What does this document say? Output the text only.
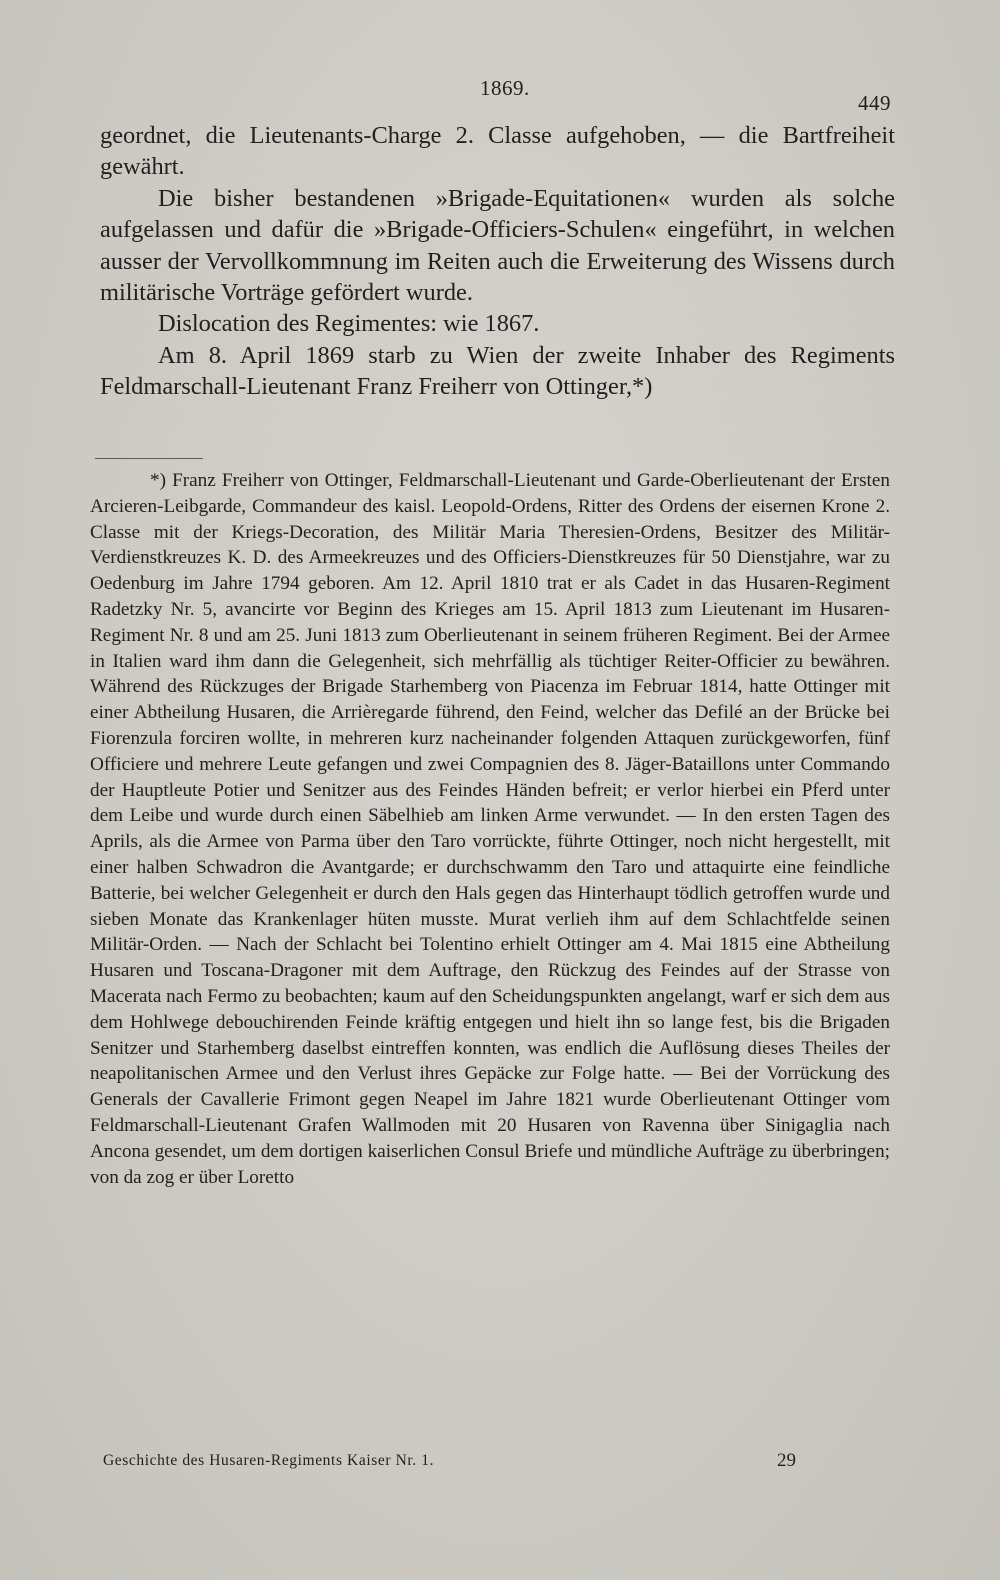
1869.
449

geordnet, die Lieutenants-Charge 2. Classe aufgehoben, — die Bartfreiheit gewährt.

Die bisher bestandenen »Brigade-Equitationen« wurden als solche aufgelassen und dafür die »Brigade-Officiers-Schulen« eingeführt, in welchen ausser der Vervollkommnung im Reiten auch die Erweiterung des Wissens durch militärische Vorträge gefördert wurde.

Dislocation des Regimentes: wie 1867.

Am 8. April 1869 starb zu Wien der zweite Inhaber des Regiments Feldmarschall-Lieutenant Franz Freiherr von Ottinger,*)

*) Franz Freiherr von Ottinger, Feldmarschall-Lieutenant und Garde-Oberlieutenant der Ersten Arcieren-Leibgarde, Commandeur des kaisl. Leopold-Ordens, Ritter des Ordens der eisernen Krone 2. Classe mit der Kriegs-Decoration, des Militär Maria Theresien-Ordens, Besitzer des Militär-Verdienstkreuzes K. D. des Armeekreuzes und des Officiers-Dienstkreuzes für 50 Dienstjahre, war zu Oedenburg im Jahre 1794 geboren. Am 12. April 1810 trat er als Cadet in das Husaren-Regiment Radetzky Nr. 5, avancirte vor Beginn des Krieges am 15. April 1813 zum Lieutenant im Husaren-Regiment Nr. 8 und am 25. Juni 1813 zum Oberlieutenant in seinem früheren Regiment. Bei der Armee in Italien ward ihm dann die Gelegenheit, sich mehrfällig als tüchtiger Reiter-Officier zu bewähren. Während des Rückzuges der Brigade Starhemberg von Piacenza im Februar 1814, hatte Ottinger mit einer Abtheilung Husaren, die Arrièregarde führend, den Feind, welcher das Defilé an der Brücke bei Fiorenzula forciren wollte, in mehreren kurz nacheinander folgenden Attaquen zurückgeworfen, fünf Officiere und mehrere Leute gefangen und zwei Compagnien des 8. Jäger-Bataillons unter Commando der Hauptleute Potier und Senitzer aus des Feindes Händen befreit; er verlor hierbei ein Pferd unter dem Leibe und wurde durch einen Säbelhieb am linken Arme verwundet. — In den ersten Tagen des Aprils, als die Armee von Parma über den Taro vorrückte, führte Ottinger, noch nicht hergestellt, mit einer halben Schwadron die Avantgarde; er durchschwamm den Taro und attaquirte eine feindliche Batterie, bei welcher Gelegenheit er durch den Hals gegen das Hinterhaupt tödlich getroffen wurde und sieben Monate das Krankenlager hüten musste. Murat verlieh ihm auf dem Schlachtfelde seinen Militär-Orden. — Nach der Schlacht bei Tolentino erhielt Ottinger am 4. Mai 1815 eine Abtheilung Husaren und Toscana-Dragoner mit dem Auftrage, den Rückzug des Feindes auf der Strasse von Macerata nach Fermo zu beobachten; kaum auf den Scheidungspunkten angelangt, warf er sich dem aus dem Hohlwege debouchirenden Feinde kräftig entgegen und hielt ihn so lange fest, bis die Brigaden Senitzer und Starhemberg daselbst eintreffen konnten, was endlich die Auflösung dieses Theiles der neapolitanischen Armee und den Verlust ihres Gepäcke zur Folge hatte. — Bei der Vorrückung des Generals der Cavallerie Frimont gegen Neapel im Jahre 1821 wurde Oberlieutenant Ottinger vom Feldmarschall-Lieutenant Grafen Wallmoden mit 20 Husaren von Ravenna über Sinigaglia nach Ancona gesendet, um dem dortigen kaiserlichen Consul Briefe und mündliche Aufträge zu überbringen; von da zog er über Loretto

Geschichte des Husaren-Regiments Kaiser Nr. 1.	29
